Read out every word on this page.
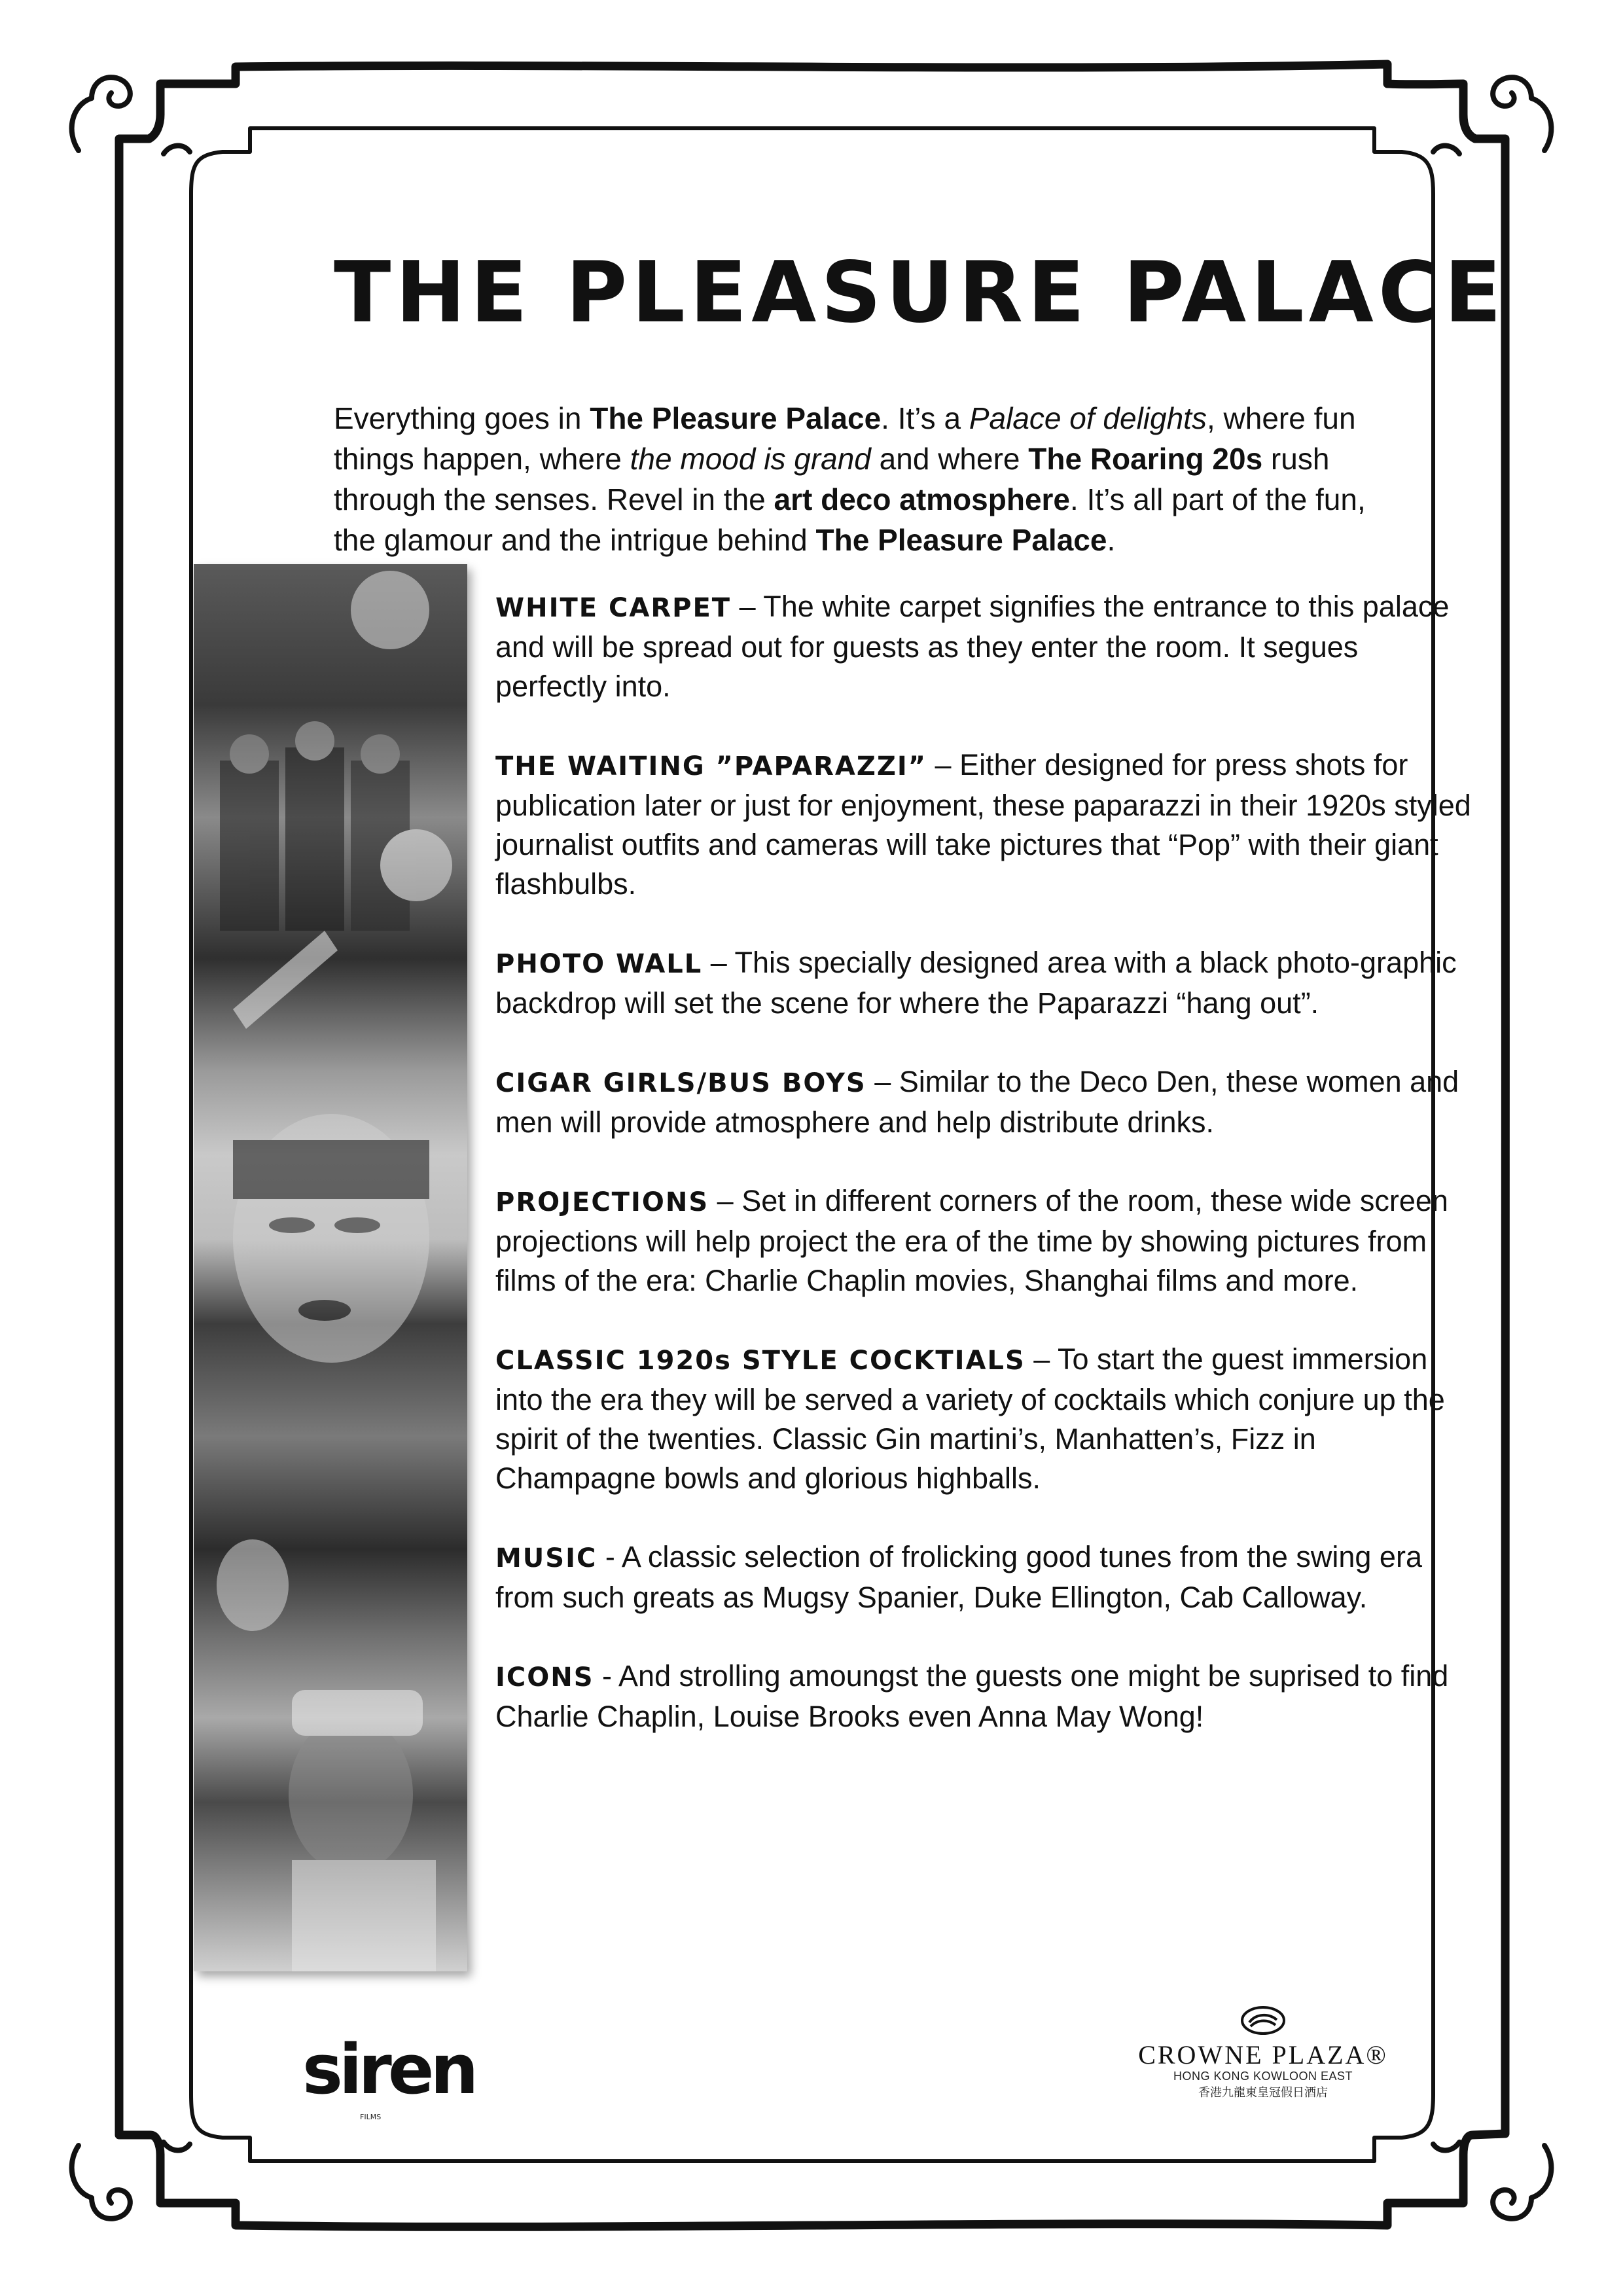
THE PLEASURE PALACE

Everything goes in The Pleasure Palace. It’s a Palace of delights, where fun things happen, where the mood is grand and where The Roaring 20s rush through the senses. Revel in the art deco atmosphere. It’s all part of the fun, the glamour and the intrigue behind The Pleasure Palace.

WHITE CARPET – The white carpet signifies the entrance to this palace and will be spread out for guests as they enter the room. It segues perfectly into.

THE WAITING ”PAPARAZZI” – Either designed for press shots for publication later or just for enjoyment, these paparazzi in their 1920s styled journalist outfits and cameras will take pictures that “Pop” with their giant flashbulbs.

PHOTO WALL – This specially designed area with a black photo-graphic backdrop will set the scene for where the Paparazzi “hang out”.

CIGAR GIRLS/BUS BOYS – Similar to the Deco Den, these women and men will provide atmosphere and help distribute drinks.

PROJECTIONS – Set in different corners of the room, these wide screen projections will help project the era of the time by showing pictures from films of the era: Charlie Chaplin movies, Shanghai films and more.

CLASSIC 1920s STYLE COCKTIALS – To start the guest immersion into the era they will be served a variety of cocktails which conjure up the spirit of the twenties. Classic Gin martini’s, Manhatten’s, Fizz in Champagne bowls and glorious highballs.

MUSIC - A classic selection of frolicking good tunes from the swing era from such greats as Mugsy Spanier, Duke Ellington, Cab Calloway.

ICONS - And strolling amoungst the guests one might be suprised to find Charlie Chaplin, Louise Brooks even Anna May Wong!

siren
FILMS
CROWNE PLAZA®
HONG KONG KOWLOON EAST
香港九龍東皇冠假日酒店
